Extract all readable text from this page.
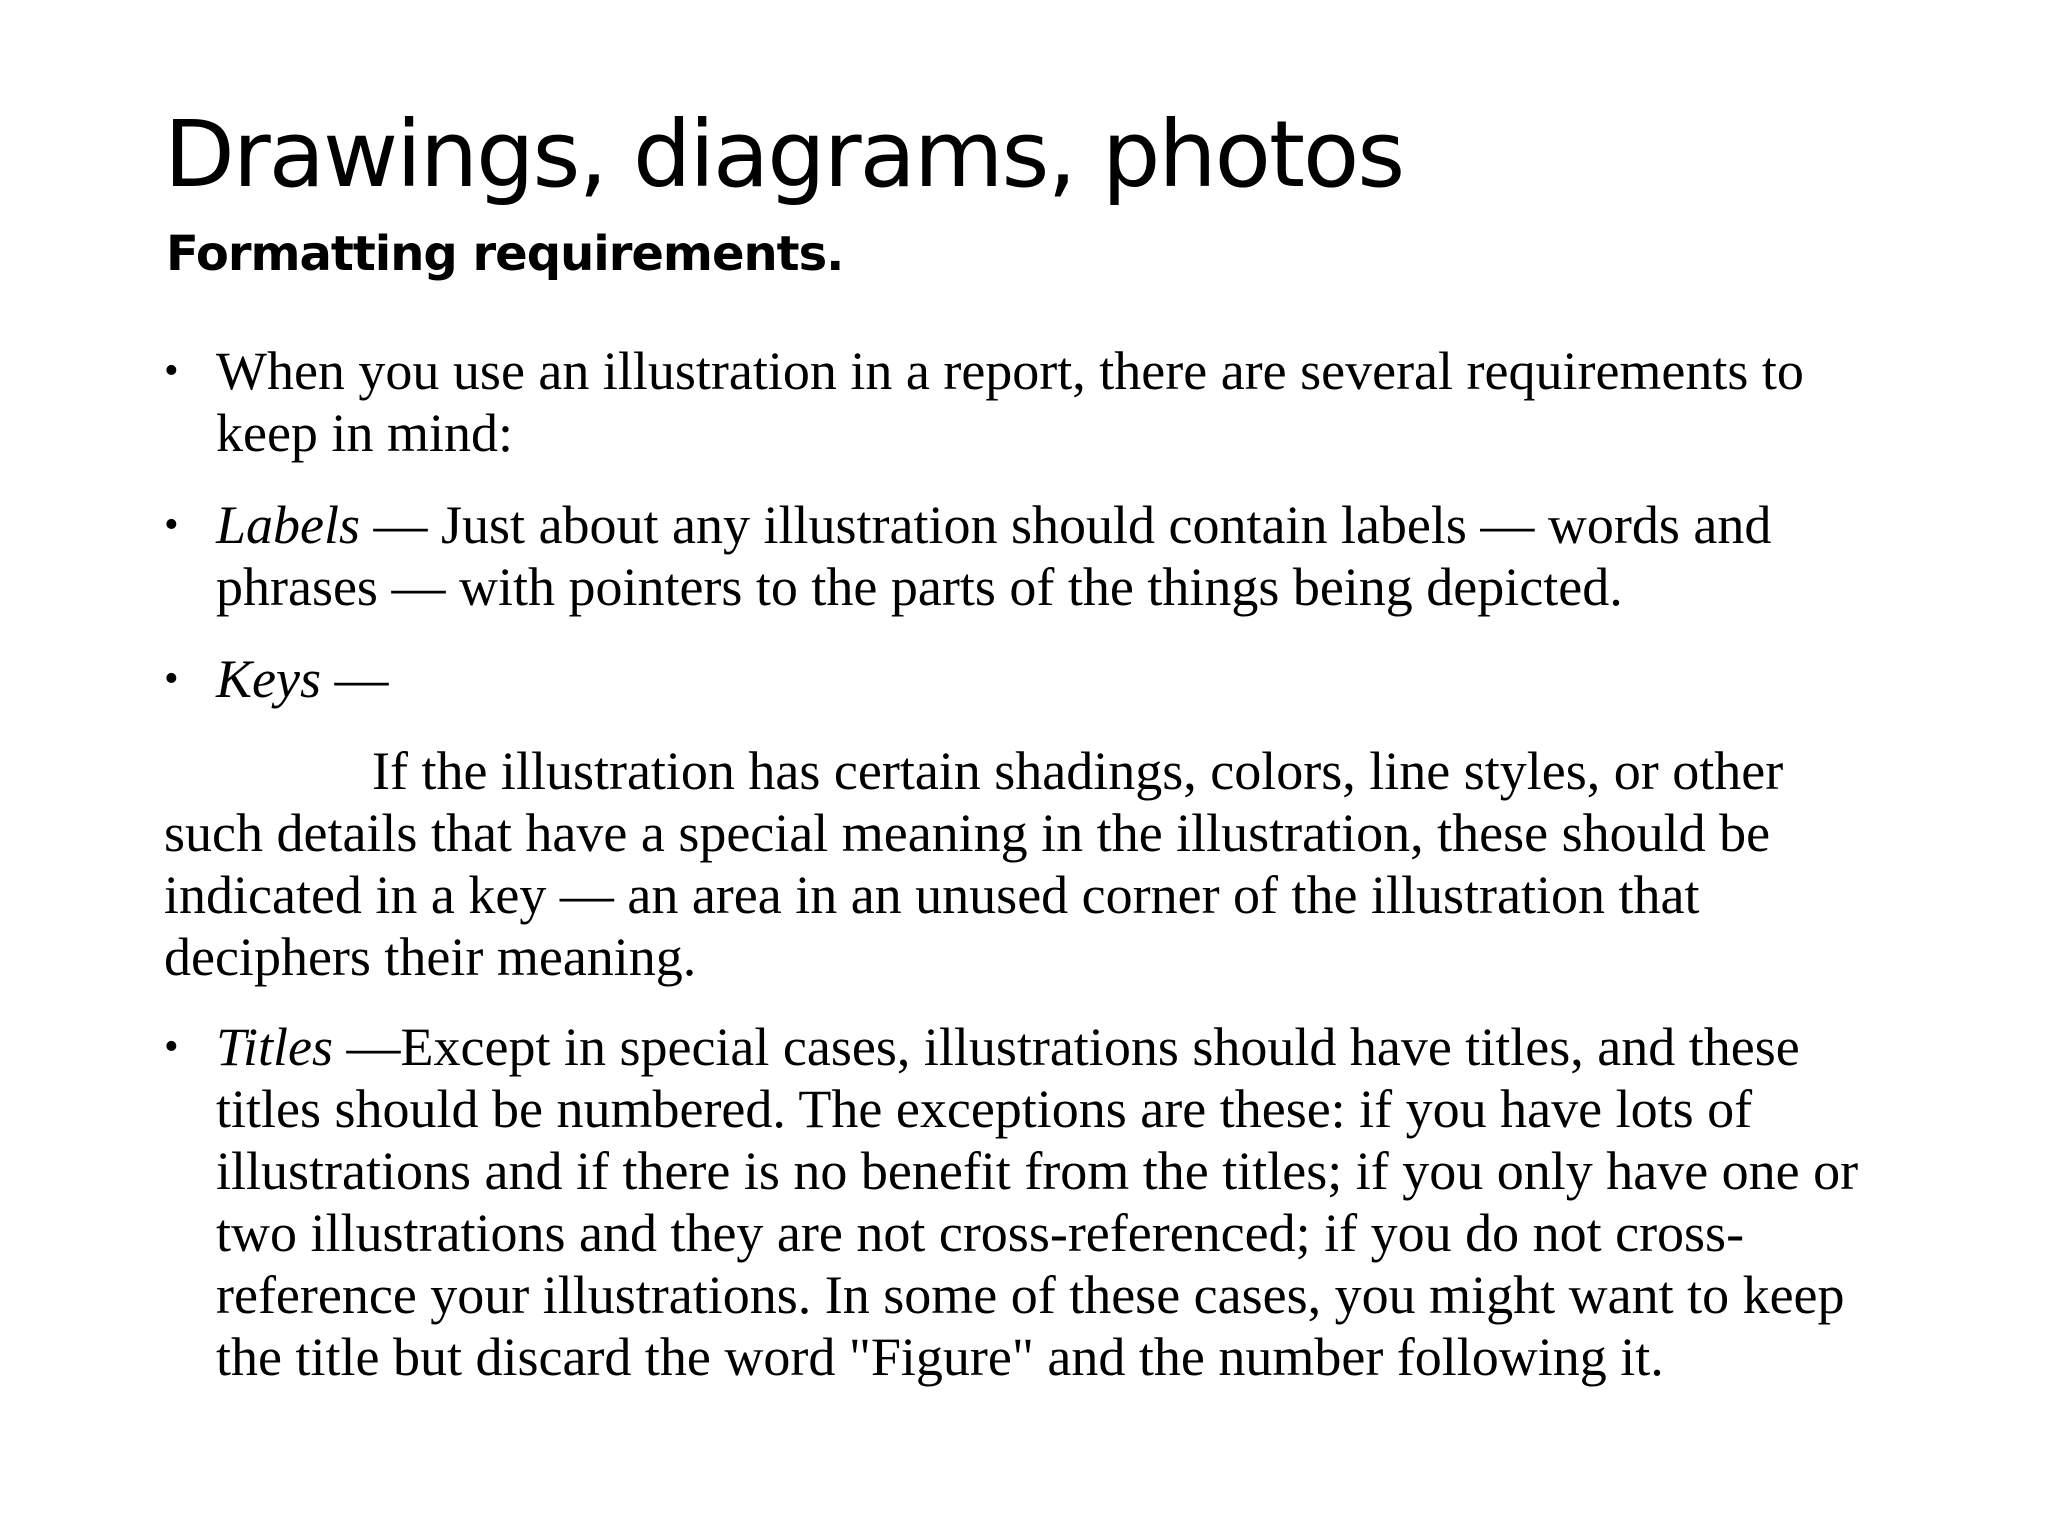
Drawings, diagrams, photos
Formatting requirements.
• When you use an illustration in a report, there are several requirements to keep in mind:

• Labels — Just about any illustration should contain labels — words and phrases — with pointers to the parts of the things being depicted.

• Keys —

If the illustration has certain shadings, colors, line styles, or other such details that have a special meaning in the illustration, these should be indicated in a key — an area in an unused corner of the illustration that deciphers their meaning.

• Titles —Except in special cases, illustrations should have titles, and these titles should be numbered. The exceptions are these: if you have lots of illustrations and if there is no benefit from the titles; if you only have one or two illustrations and they are not cross-referenced; if you do not cross-reference your illustrations. In some of these cases, you might want to keep the title but discard the word "Figure" and the number following it.
